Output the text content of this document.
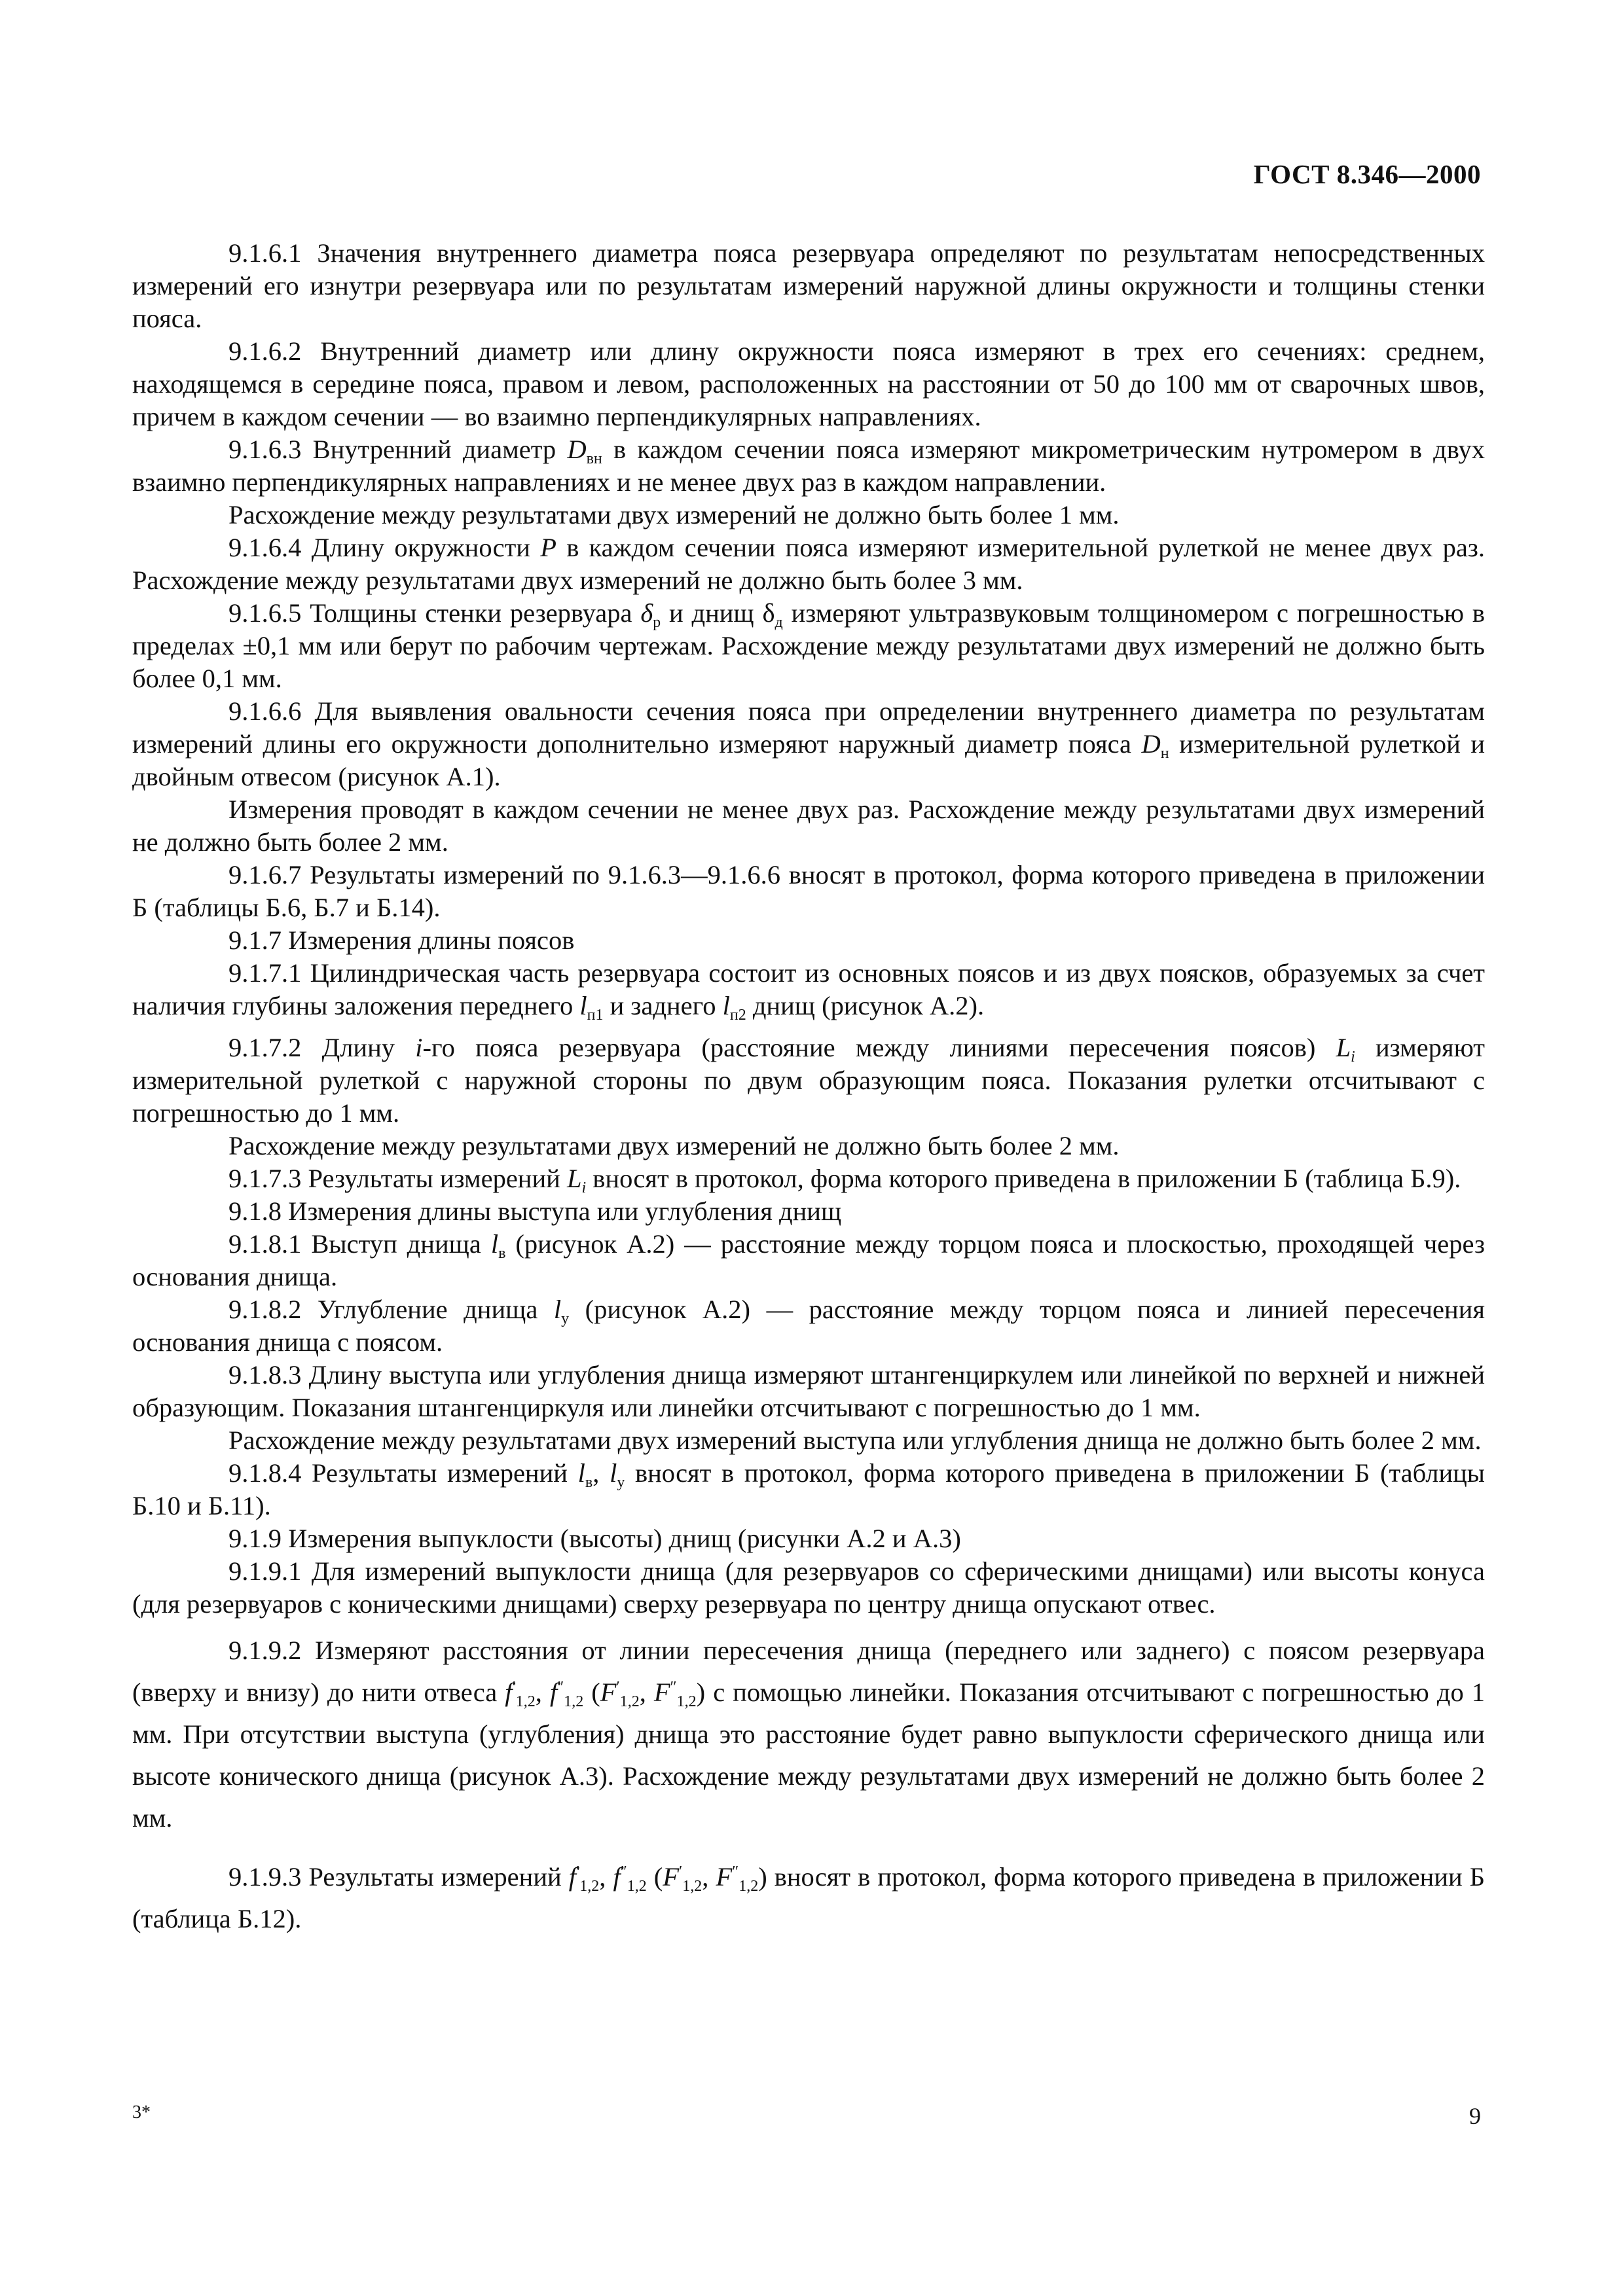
ГОСТ 8.346—2000

9.1.6.1 Значения внутреннего диаметра пояса резервуара определяют по результатам непосредственных измерений его изнутри резервуара или по результатам измерений наружной длины окружности и толщины стенки пояса.

9.1.6.2 Внутренний диаметр или длину окружности пояса измеряют в трех его сечениях: среднем, находящемся в середине пояса, правом и левом, расположенных на расстоянии от 50 до 100 мм от сварочных швов, причем в каждом сечении — во взаимно перпендикулярных направлениях.

9.1.6.3 Внутренний диаметр $D_{вн}$ в каждом сечении пояса измеряют микрометрическим нутромером в двух взаимно перпендикулярных направлениях и не менее двух раз в каждом направлении.

Расхождение между результатами двух измерений не должно быть более 1 мм.

9.1.6.4 Длину окружности P в каждом сечении пояса измеряют измерительной рулеткой не менее двух раз. Расхождение между результатами двух измерений не должно быть более 3 мм.

9.1.6.5 Толщины стенки резервуара $\delta_р$ и днищ $\delta_д$ измеряют ультразвуковым толщиномером с погрешностью в пределах ±0,1 мм или берут по рабочим чертежам. Расхождение между результатами двух измерений не должно быть более 0,1 мм.

9.1.6.6 Для выявления овальности сечения пояса при определении внутреннего диаметра по результатам измерений длины его окружности дополнительно измеряют наружный диаметр пояса $D_н$ измерительной рулеткой и двойным отвесом (рисунок А.1).

Измерения проводят в каждом сечении не менее двух раз. Расхождение между результатами двух измерений не должно быть более 2 мм.

9.1.6.7 Результаты измерений по 9.1.6.3—9.1.6.6 вносят в протокол, форма которого приведена в приложении Б (таблицы Б.6, Б.7 и Б.14).

9.1.7 Измерения длины поясов

9.1.7.1 Цилиндрическая часть резервуара состоит из основных поясов и из двух поясков, образуемых за счет наличия глубины заложения переднего $l_{п1}$ и заднего $l_{п2}$ днищ (рисунок А.2).

9.1.7.2 Длину i-го пояса резервуара (расстояние между линиями пересечения поясов) $L_i$ измеряют измерительной рулеткой с наружной стороны по двум образующим пояса. Показания рулетки отсчитывают с погрешностью до 1 мм.

Расхождение между результатами двух измерений не должно быть более 2 мм.

9.1.7.3 Результаты измерений $L_i$ вносят в протокол, форма которого приведена в приложении Б (таблица Б.9).

9.1.8 Измерения длины выступа или углубления днищ

9.1.8.1 Выступ днища $l_в$ (рисунок А.2) — расстояние между торцом пояса и плоскостью, проходящей через основания днища.

9.1.8.2 Углубление днища $l_у$ (рисунок А.2) — расстояние между торцом пояса и линией пересечения основания днища с поясом.

9.1.8.3 Длину выступа или углубления днища измеряют штангенциркулем или линейкой по верхней и нижней образующим. Показания штангенциркуля или линейки отсчитывают с погрешностью до 1 мм.

Расхождение между результатами двух измерений выступа или углубления днища не должно быть более 2 мм.

9.1.8.4 Результаты измерений $l_в$, $l_у$ вносят в протокол, форма которого приведена в приложении Б (таблицы Б.10 и Б.11).

9.1.9 Измерения выпуклости (высоты) днищ (рисунки А.2 и А.3)

9.1.9.1 Для измерений выпуклости днища (для резервуаров со сферическими днищами) или высоты конуса (для резервуаров с коническими днищами) сверху резервуара по центру днища опускают отвес.

9.1.9.2 Измеряют расстояния от линии пересечения днища (переднего или заднего) с поясом резервуара (вверху и внизу) до нити отвеса $f'_{1,2}$, $f''_{1,2}$ ($F'_{1,2}$, $F''_{1,2}$) с помощью линейки. Показания отсчитывают с погрешностью до 1 мм. При отсутствии выступа (углубления) днища это расстояние будет равно выпуклости сферического днища или высоте конического днища (рисунок А.3). Расхождение между результатами двух измерений не должно быть более 2 мм.

9.1.9.3 Результаты измерений $f'_{1,2}$, $f''_{1,2}$ ($F'_{1,2}$, $F''_{1,2}$) вносят в протокол, форма которого приведена в приложении Б (таблица Б.12).

3*	9
